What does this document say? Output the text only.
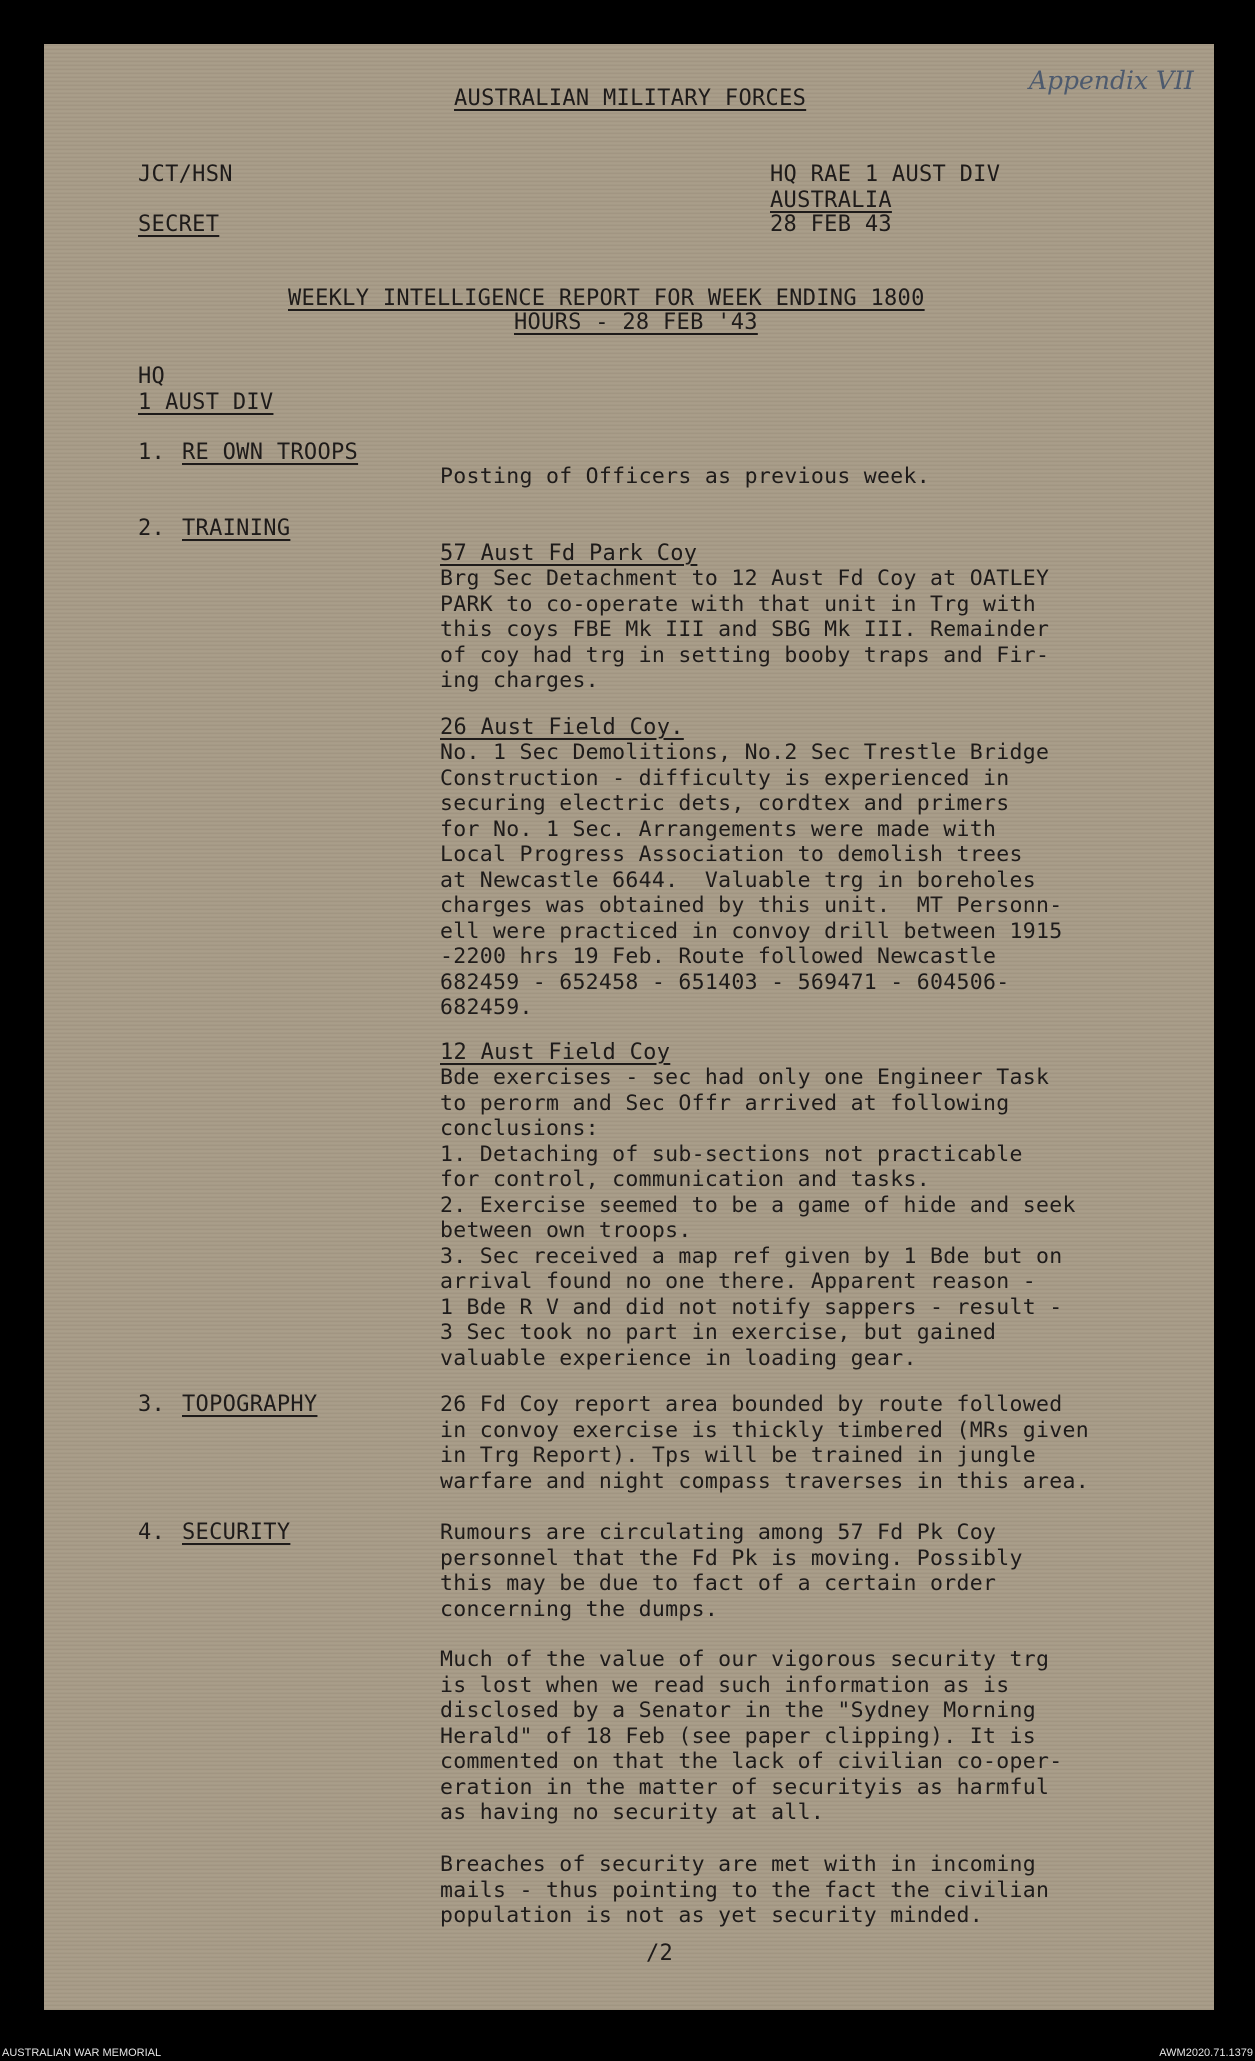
Appendix VII
AUSTRALIAN MILITARY FORCES
JCT/HSN
SECRET
HQ RAE 1 AUST DIV
AUSTRALIA
28 FEB 43
WEEKLY INTELLIGENCE REPORT FOR WEEK ENDING 1800
HOURS - 28 FEB '43
HQ
1 AUST DIV
1. RE OWN TROOPS
Posting of Officers as previous week.
2. TRAINING
57 Aust Fd Park Coy
Brg Sec Detachment to 12 Aust Fd Coy at OATLEY
PARK to co-operate with that unit in Trg with
this coys FBE Mk III and SBG Mk III. Remainder
of coy had trg in setting booby traps and Fir-
ing charges.
26 Aust Field Coy.
No. 1 Sec Demolitions, No.2 Sec Trestle Bridge
Construction - difficulty is experienced in
securing electric dets, cordtex and primers
for No. 1 Sec. Arrangements were made with
Local Progress Association to demolish trees
at Newcastle 6644.  Valuable trg in boreholes
charges was obtained by this unit.  MT Personn-
ell were practiced in convoy drill between 1915
-2200 hrs 19 Feb. Route followed Newcastle
682459 - 652458 - 651403 - 569471 - 604506-
682459.
12 Aust Field Coy
Bde exercises - sec had only one Engineer Task
to perorm and Sec Offr arrived at following
conclusions:
1. Detaching of sub-sections not practicable
for control, communication and tasks.
2. Exercise seemed to be a game of hide and seek
between own troops.
3. Sec received a map ref given by 1 Bde but on
arrival found no one there. Apparent reason -
1 Bde R V and did not notify sappers - result -
3 Sec took no part in exercise, but gained
valuable experience in loading gear.
3. TOPOGRAPHY	26 Fd Coy report area bounded by route followed
in convoy exercise is thickly timbered (MRs given
in Trg Report). Tps will be trained in jungle
warfare and night compass traverses in this area.
4. SECURITY	Rumours are circulating among 57 Fd Pk Coy
personnel that the Fd Pk is moving. Possibly
this may be due to fact of a certain order
concerning the dumps.
Much of the value of our vigorous security trg
is lost when we read such information as is
disclosed by a Senator in the "Sydney Morning
Herald" of 18 Feb (see paper clipping). It is
commented on that the lack of civilian co-oper-
eration in the matter of securityis as harmful
as having no security at all.
Breaches of security are met with in incoming
mails - thus pointing to the fact the civilian
population is not as yet security minded.
/2
AUSTRALIAN WAR MEMORIAL	AWM2020.71.1379
